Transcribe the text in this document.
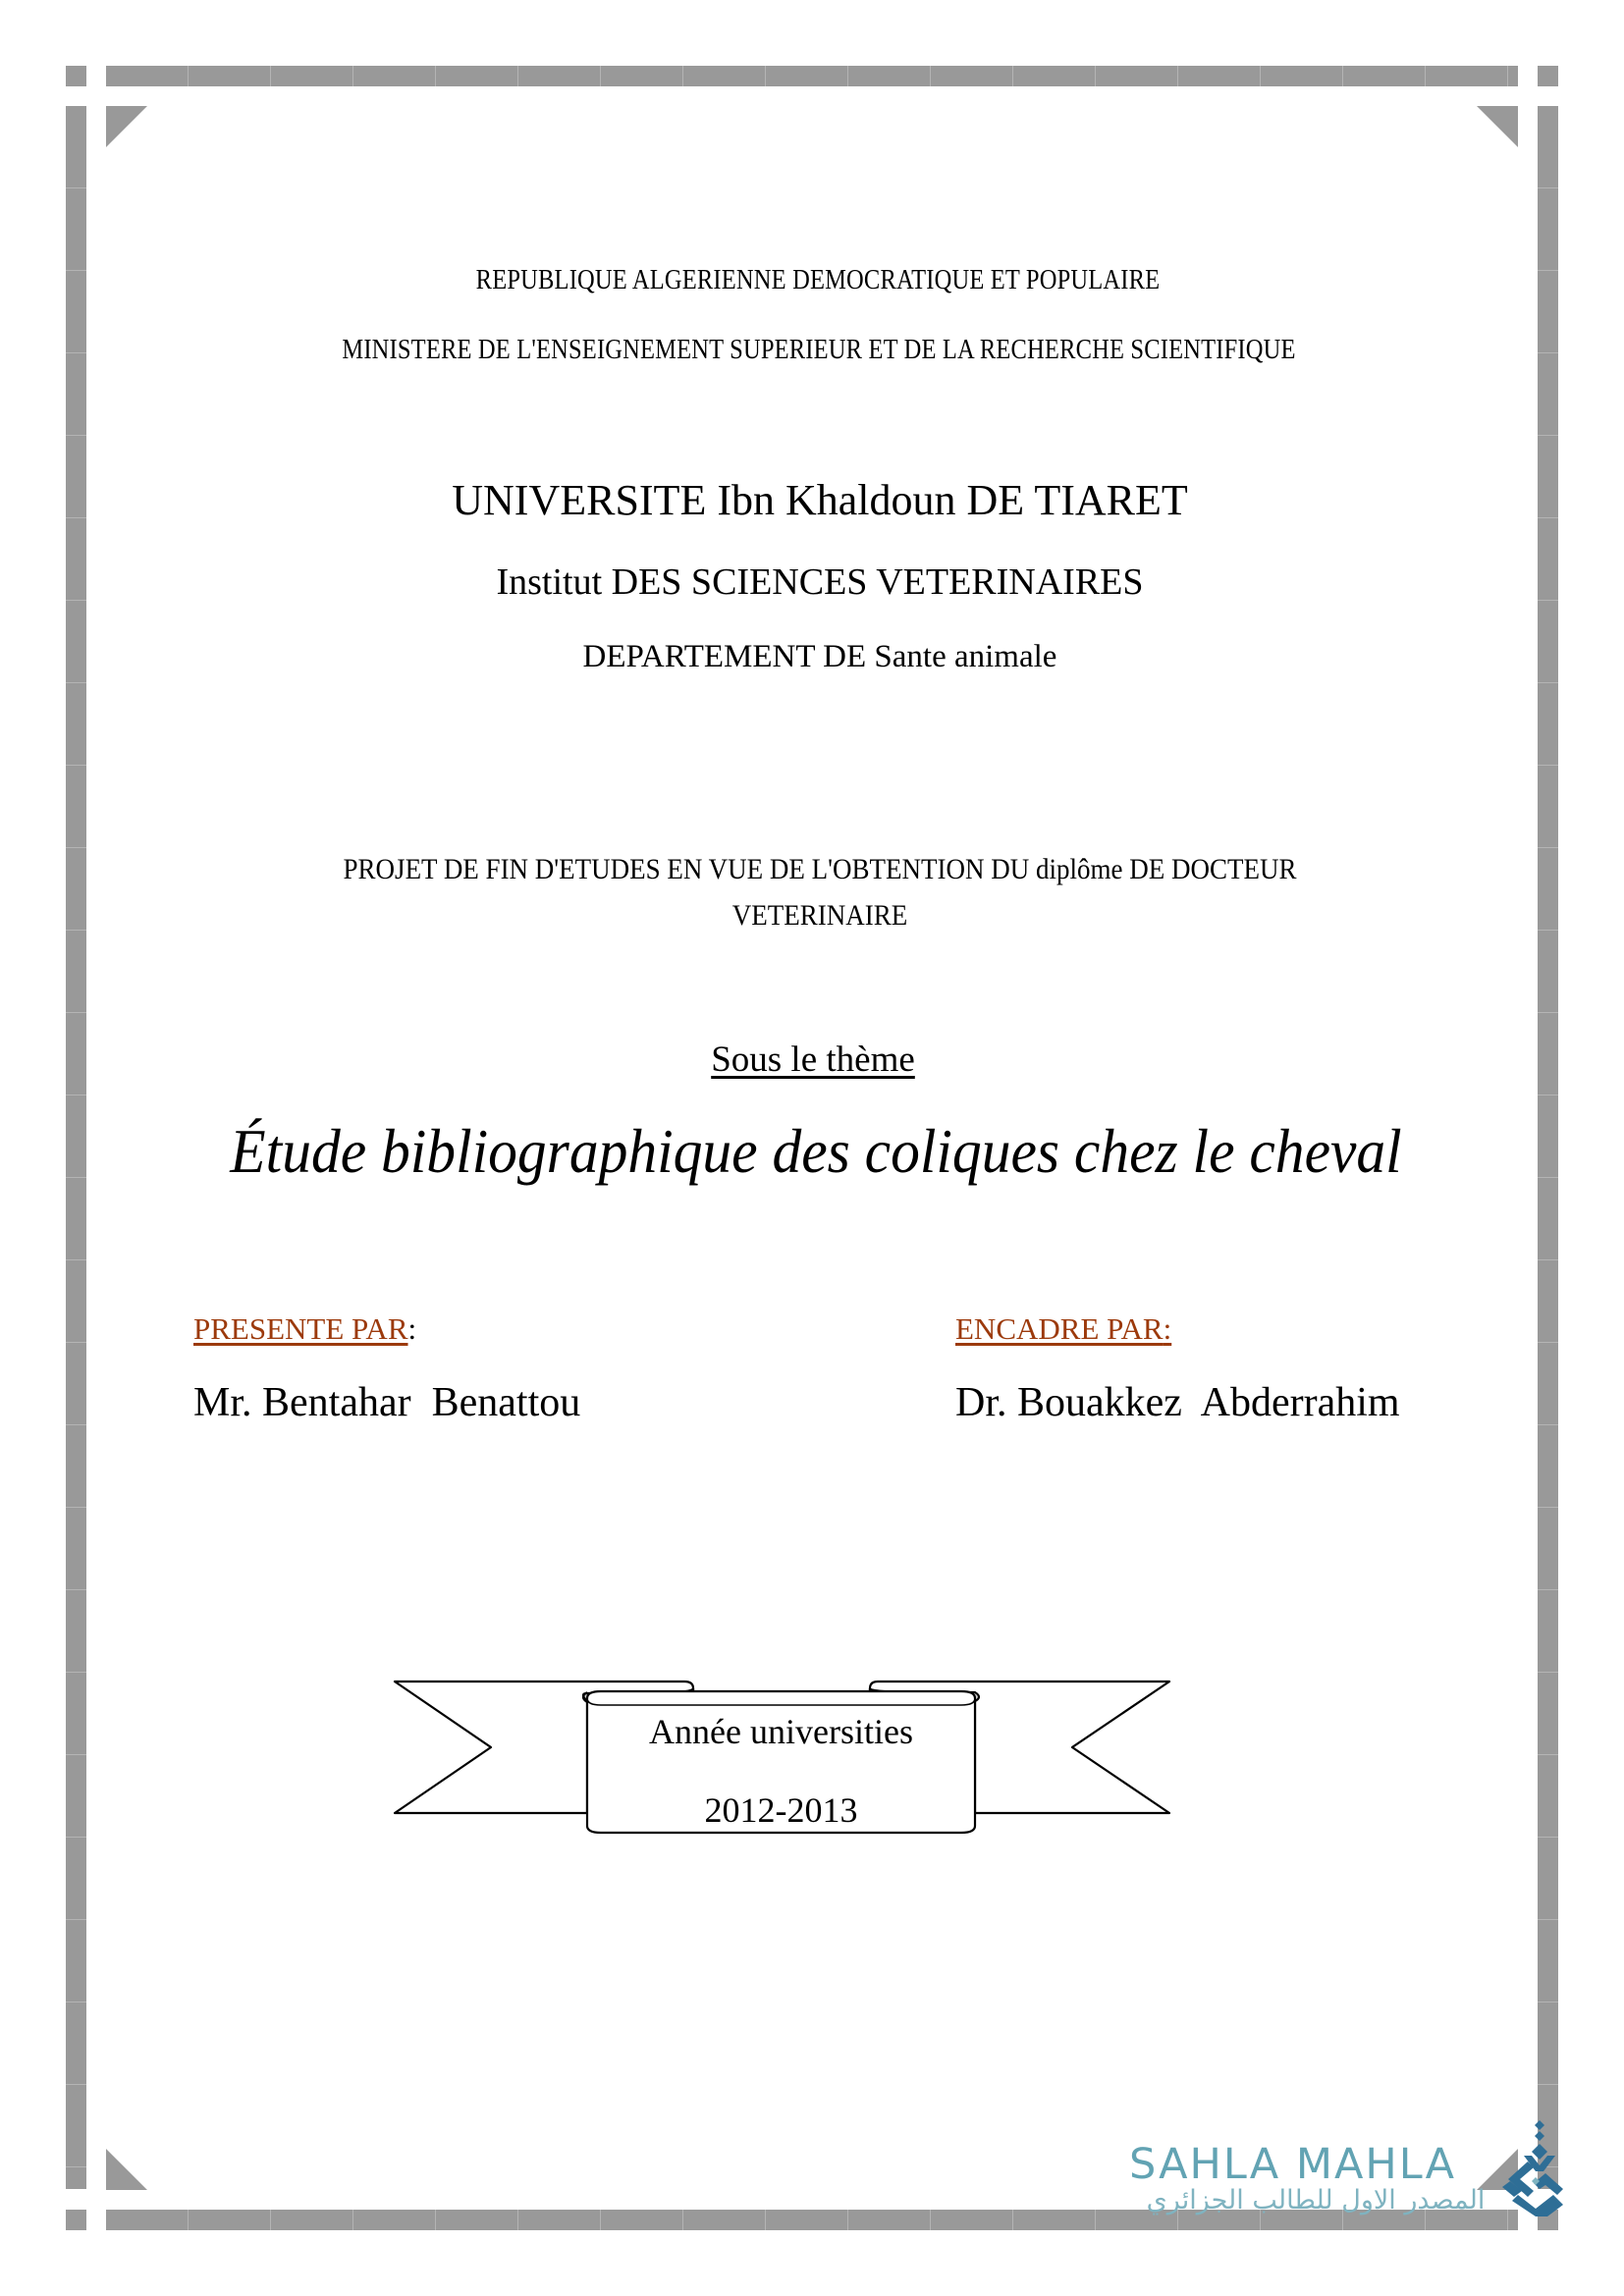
REPUBLIQUE ALGERIENNE DEMOCRATIQUE ET POPULAIRE
MINISTERE DE L'ENSEIGNEMENT SUPERIEUR ET DE LA RECHERCHE SCIENTIFIQUE
UNIVERSITE Ibn Khaldoun DE TIARET
Institut DES SCIENCES VETERINAIRES
DEPARTEMENT DE Sante animale
PROJET DE FIN D'ETUDES EN VUE DE L'OBTENTION DU diplôme DE DOCTEUR
VETERINAIRE
Sous le thème
Étude bibliographique des coliques chez le cheval
PRESENTE PAR:
Mr. Bentahar  Benattou
ENCADRE PAR:
Dr. Bouakkez  Abderrahim
Année universities
2012-2013
SAHLA MAHLA
المصدر الاول للطالب الجزائري
